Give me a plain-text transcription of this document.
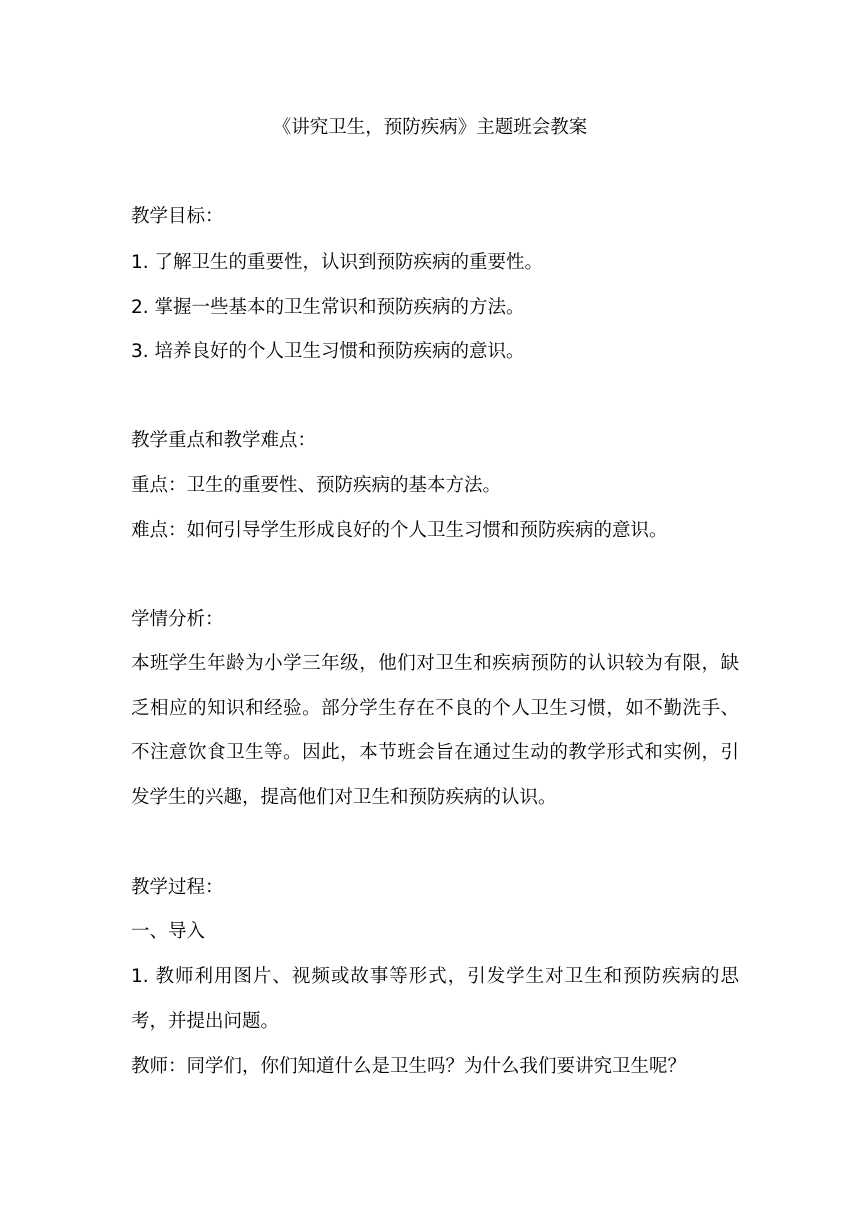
《讲究卫生，预防疾病》主题班会教案
教学目标：
1. 了解卫生的重要性，认识到预防疾病的重要性。
2. 掌握一些基本的卫生常识和预防疾病的方法。
3. 培养良好的个人卫生习惯和预防疾病的意识。
教学重点和教学难点：
重点：卫生的重要性、预防疾病的基本方法。
难点：如何引导学生形成良好的个人卫生习惯和预防疾病的意识。
学情分析：
本班学生年龄为小学三年级，他们对卫生和疾病预防的认识较为有限，缺乏相应的知识和经验。部分学生存在不良的个人卫生习惯，如不勤洗手、不注意饮食卫生等。因此，本节班会旨在通过生动的教学形式和实例，引发学生的兴趣，提高他们对卫生和预防疾病的认识。
教学过程：
一、导入
1. 教师利用图片、视频或故事等形式，引发学生对卫生和预防疾病的思考，并提出问题。
教师：同学们，你们知道什么是卫生吗？为什么我们要讲究卫生呢？
